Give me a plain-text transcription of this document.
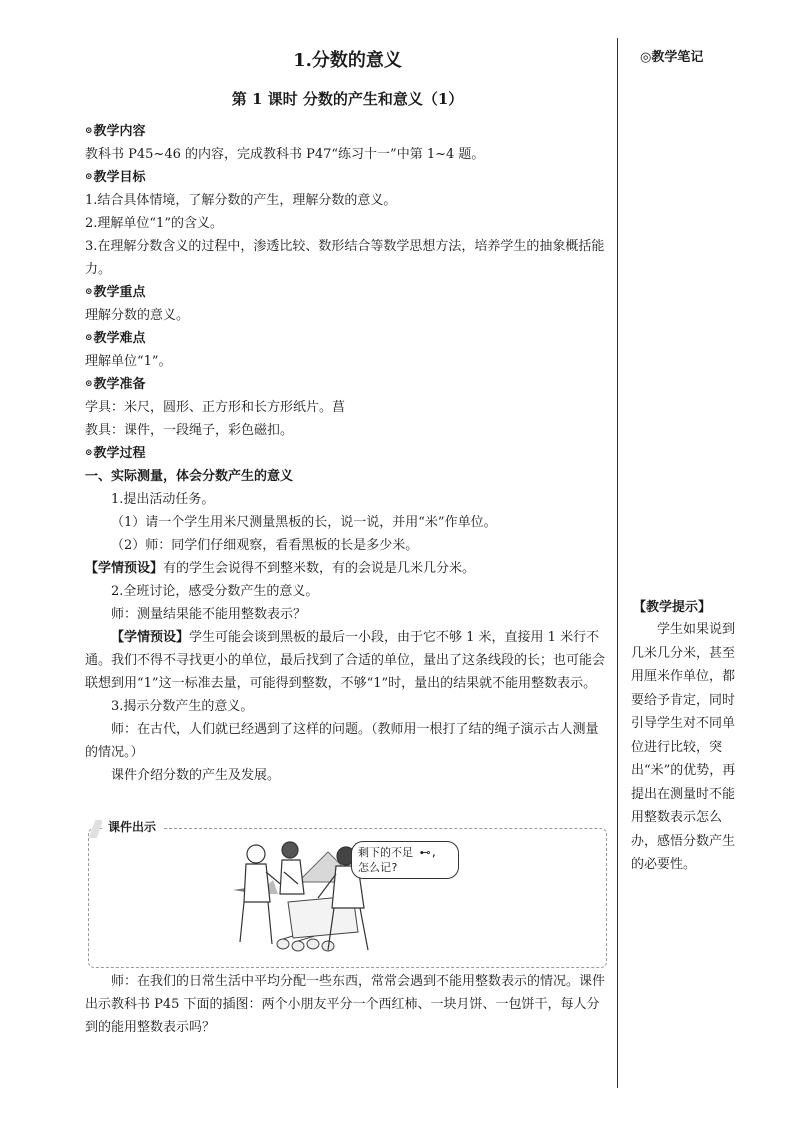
1.分数的意义
第 1 课时 分数的产生和意义（1）
⊙ 教学内容

教科书 P45~46 的内容，完成教科书 P47“练习十一”中第 1~4 题。

⊙ 教学目标

1.结合具体情境，了解分数的产生，理解分数的意义。

2.理解单位“1”的含义。

3.在理解分数含义的过程中，渗透比较、数形结合等数学思想方法，培养学生的抽象概括能力。

⊙ 教学重点

理解分数的意义。

⊙ 教学难点

理解单位“1”。

⊙ 教学准备

学具：米尺，圆形、正方形和长方形纸片。菖

教具：课件，一段绳子，彩色磁扣。

⊙ 教学过程

一、实际测量，体会分数产生的意义

1.提出活动任务。

（1）请一个学生用米尺测量黑板的长，说一说，并用“米”作单位。

（2）师：同学们仔细观察，看看黑板的长是多少米。

【学情预设】有的学生会说得不到整米数，有的会说是几米几分米。

2.全班讨论，感受分数产生的意义。

师：测量结果能不能用整数表示？

【学情预设】学生可能会谈到黑板的最后一小段，由于它不够 1 米，直接用 1 米行不通。我们不得不寻找更小的单位，最后找到了合适的单位，量出了这条线段的长；也可能会联想到用“1”这一标准去量，可能得到整数，不够“1”时，量出的结果就不能用整数表示。

3.揭示分数产生的意义。

师：在古代，人们就已经遇到了这样的问题。（教师用一根打了结的绳子演示古人测量的情况。）

课件介绍分数的产生及发展。

◎教学笔记
【教学提示】
学生如果说到几米几分米，甚至用厘米作单位，都要给予肯定，同时引导学生对不同单位进行比较，突出“米”的优势，再提出在测量时不能用整数表示怎么办，感悟分数产生的必要性。
课件出示
剩下的不足 ⊷,
怎么记?

师：在我们的日常生活中平均分配一些东西，常常会遇到不能用整数表示的情况。课件出示教科书 P45 下面的插图：两个小朋友平分一个西红柿、一块月饼、一包饼干，每人分到的能用整数表示吗？
